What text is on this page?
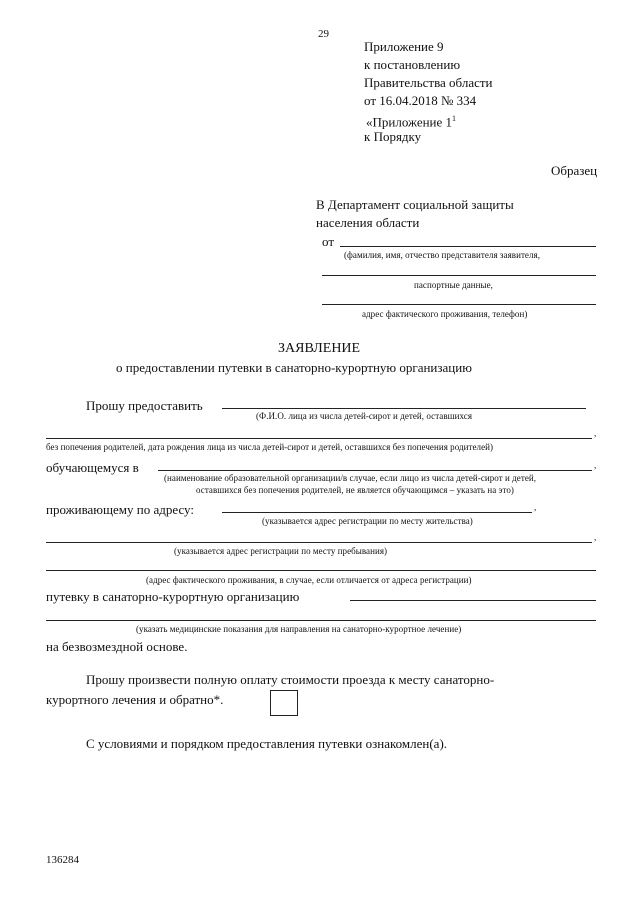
29
Приложение 9
к постановлению
Правительства области
от 16.04.2018 № 334
«Приложение $1^1$
к Порядку
Образец
В Департамент социальной защиты
населения области
от
(фамилия, имя, отчество представителя заявителя,
паспортные данные,
адрес фактического проживания, телефон)
ЗАЯВЛЕНИЕ
о предоставлении путевки в санаторно-курортную организацию
Прошу предоставить
(Ф.И.О. лица из числа детей-сирот и детей, оставшихся
,
без попечения родителей, дата рождения лица из числа детей-сирот и детей, оставшихся без попечения родителей)
обучающемуся в	,
(наименование образовательной организации/в случае, если лицо из числа детей-сирот и детей,
оставшихся без попечения родителей, не является обучающимся – указать на это)
проживающему по адресу:	,
(указывается адрес регистрации по месту жительства)
,
(указывается адрес регистрации по месту пребывания)
(адрес фактического проживания, в случае, если отличается от адреса регистрации)
путевку в санаторно-курортную организацию
(указать медицинские показания для направления на санаторно-курортное лечение)
на безвозмездной основе.
Прошу произвести полную оплату стоимости проезда к месту санаторно-
курортного лечения и обратно*.
С условиями и порядком предоставления путевки ознакомлен(а).
136284
